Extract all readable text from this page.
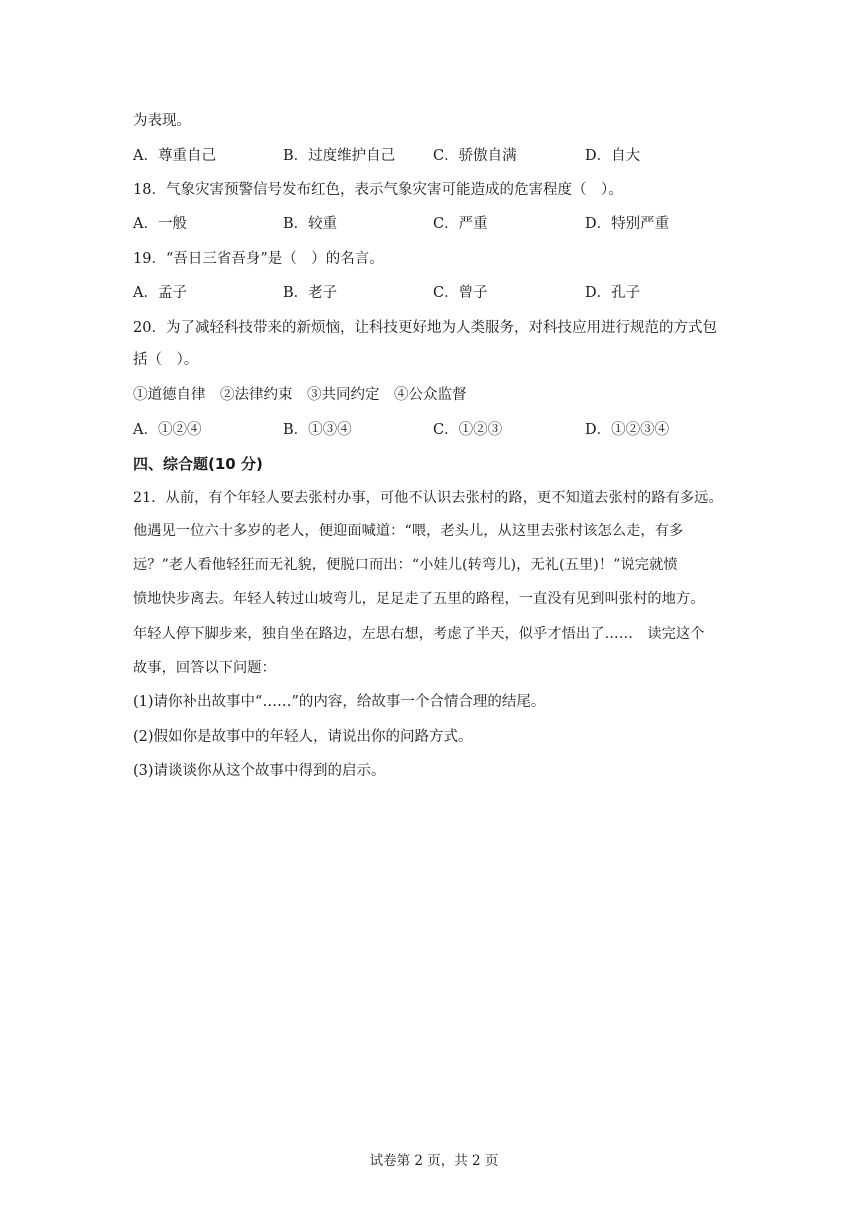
为表现。
A．尊重自己	B．过度维护自己	C．骄傲自满	D．自大
18．气象灾害预警信号发布红色，表示气象灾害可能造成的危害程度（　）。
A．一般	B．较重	C．严重	D．特别严重
19．“吾日三省吾身”是（　）的名言。
A．孟子	B．老子	C．曾子	D．孔子
20．为了减轻科技带来的新烦恼，让科技更好地为人类服务，对科技应用进行规范的方式包
括（　）。
①道德自律　②法律约束　③共同约定　④公众监督
A．①②④	B．①③④	C．①②③	D．①②③④
四、综合题(10 分)
21．从前，有个年轻人要去张村办事，可他不认识去张村的路，更不知道去张村的路有多远。
他遇见一位六十多岁的老人，便迎面喊道：“喂，老头儿，从这里去张村该怎么走，有多
远？”老人看他轻狂而无礼貌，便脱口而出：“小娃儿(转弯儿)，无礼(五里)！”说完就愤
愤地快步离去。年轻人转过山坡弯儿，足足走了五里的路程，一直没有见到叫张村的地方。
年轻人停下脚步来，独自坐在路边，左思右想，考虑了半天，似乎才悟出了……　读完这个
故事，回答以下问题：
(1)请你补出故事中“……”的内容，给故事一个合情合理的结尾。
(2)假如你是故事中的年轻人，请说出你的问路方式。
(3)请谈谈你从这个故事中得到的启示。
试卷第 2 页，共 2 页
